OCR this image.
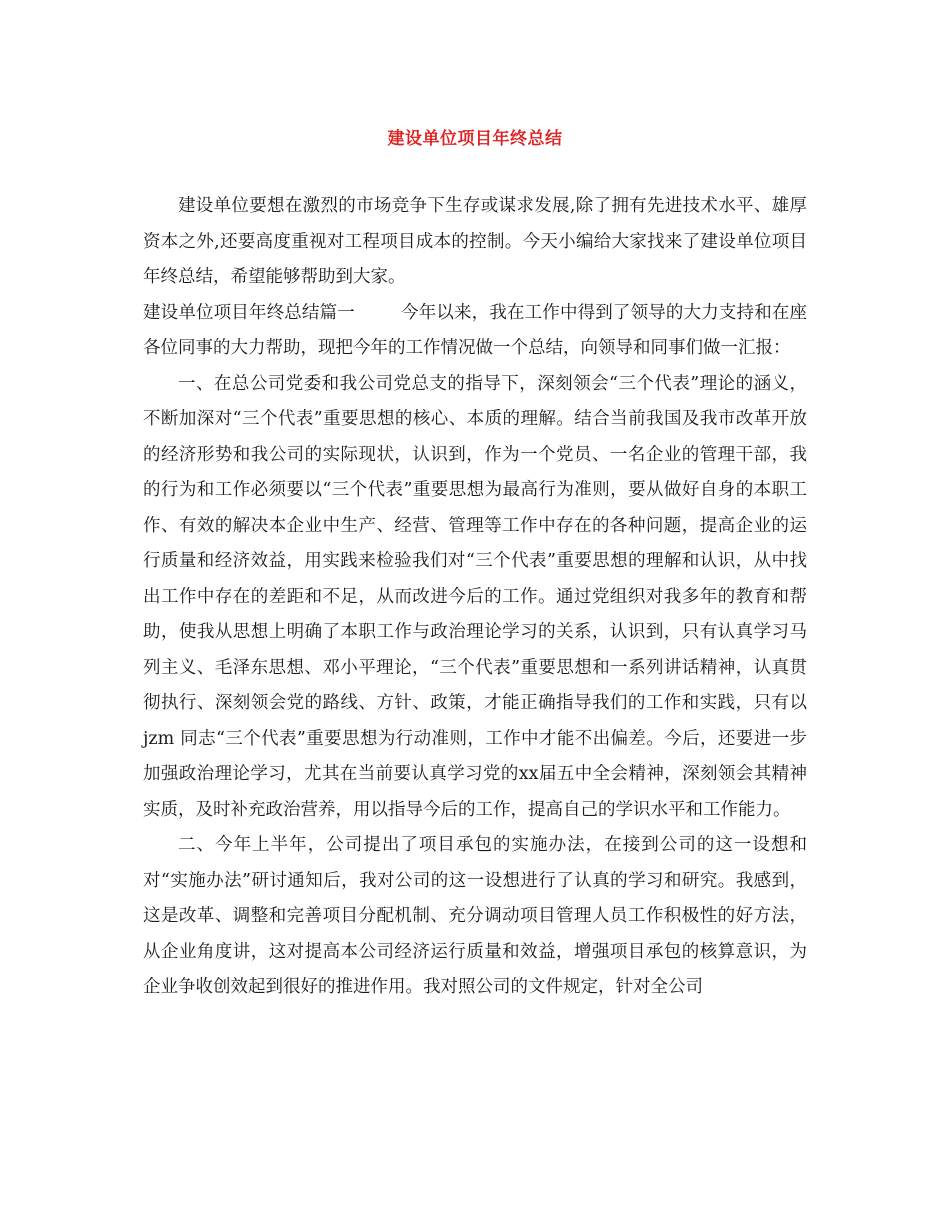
建设单位项目年终总结

建设单位要想在激烈的市场竞争下生存或谋求发展,除了拥有先进技术水平、雄厚资本之外,还要高度重视对工程项目成本的控制。今天小编给大家找来了建设单位项目年终总结，希望能够帮助到大家。

建设单位项目年终总结篇一	今年以来，我在工作中得到了领导的大力支持和在座各位同事的大力帮助，现把今年的工作情况做一个总结，向领导和同事们做一汇报：

一、在总公司党委和我公司党总支的指导下，深刻领会“三个代表”理论的涵义，不断加深对“三个代表”重要思想的核心、本质的理解。结合当前我国及我市改革开放的经济形势和我公司的实际现状，认识到，作为一个党员、一名企业的管理干部，我的行为和工作必须要以“三个代表”重要思想为最高行为准则，要从做好自身的本职工作、有效的解决本企业中生产、经营、管理等工作中存在的各种问题，提高企业的运行质量和经济效益，用实践来检验我们对“三个代表”重要思想的理解和认识，从中找出工作中存在的差距和不足，从而改进今后的工作。通过党组织对我多年的教育和帮助，使我从思想上明确了本职工作与政治理论学习的关系，认识到，只有认真学习马列主义、毛泽东思想、邓小平理论，“三个代表”重要思想和一系列讲话精神，认真贯彻执行、深刻领会党的路线、方针、政策，才能正确指导我们的工作和实践，只有以 jzm 同志“三个代表”重要思想为行动准则，工作中才能不出偏差。今后，还要进一步加强政治理论学习，尤其在当前要认真学习党的xx届五中全会精神，深刻领会其精神实质，及时补充政治营养，用以指导今后的工作，提高自己的学识水平和工作能力。

二、今年上半年，公司提出了项目承包的实施办法，在接到公司的这一设想和对“实施办法”研讨通知后，我对公司的这一设想进行了认真的学习和研究。我感到，这是改革、调整和完善项目分配机制、充分调动项目管理人员工作积极性的好方法，从企业角度讲，这对提高本公司经济运行质量和效益，增强项目承包的核算意识，为企业争收创效起到很好的推进作用。我对照公司的文件规定，针对全公司
